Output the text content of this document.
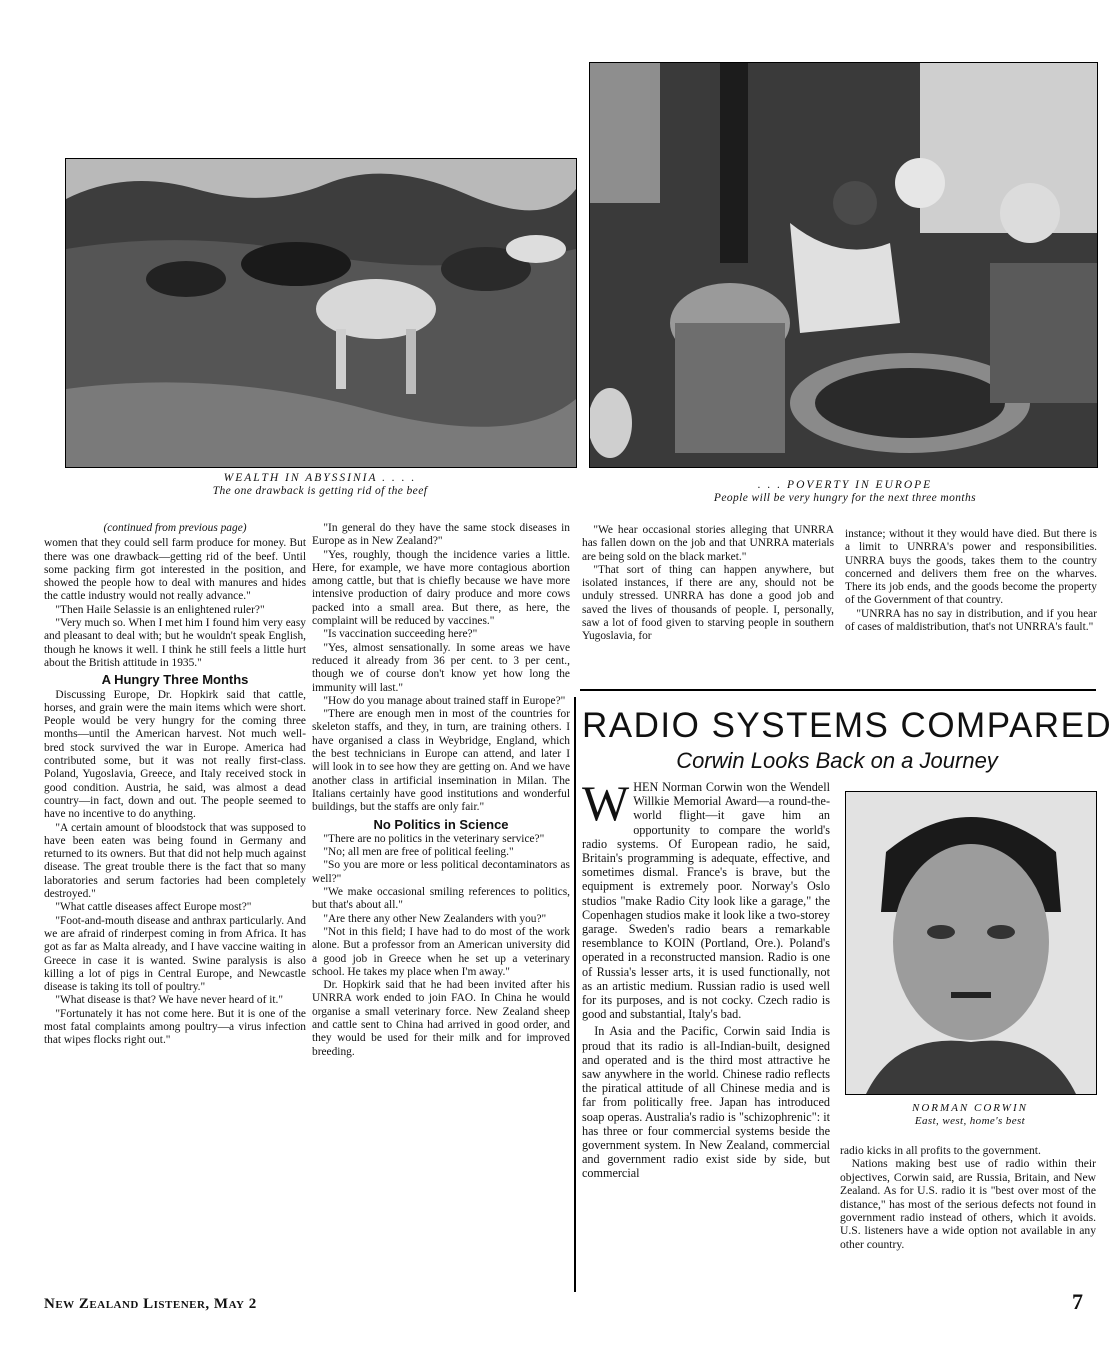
WEALTH IN ABYSSINIA . . . .
The one drawback is getting rid of the beef	. . . POVERTY IN EUROPE
People will be very hungry for the next three months
(continued from previous page)

women that they could sell farm produce for money. But there was one drawback—getting rid of the beef. Until some packing firm got interested in the position, and showed the people how to deal with manures and hides the cattle industry would not really advance."

"Then Haile Selassie is an enlightened ruler?"

"Very much so. When I met him I found him very easy and pleasant to deal with; but he wouldn't speak English, though he knows it well. I think he still feels a little hurt about the British attitude in 1935."

A Hungry Three Months

Discussing Europe, Dr. Hopkirk said that cattle, horses, and grain were the main items which were short. People would be very hungry for the coming three months—until the American harvest. Not much well-bred stock survived the war in Europe. America had contributed some, but it was not really first-class. Poland, Yugoslavia, Greece, and Italy received stock in good condition. Austria, he said, was almost a dead country—in fact, down and out. The people seemed to have no incentive to do anything.

"A certain amount of bloodstock that was supposed to have been eaten was being found in Germany and returned to its owners. But that did not help much against disease. The great trouble there is the fact that so many laboratories and serum factories had been completely destroyed."

"What cattle diseases affect Europe most?"

"Foot-and-mouth disease and anthrax particularly. And we are afraid of rinderpest coming in from Africa. It has got as far as Malta already, and I have vaccine waiting in Greece in case it is wanted. Swine paralysis is also killing a lot of pigs in Central Europe, and Newcastle disease is taking its toll of poultry."

"What disease is that? We have never heard of it."

"Fortunately it has not come here. But it is one of the most fatal complaints among poultry—a virus infection that wipes flocks right out."

"In general do they have the same stock diseases in Europe as in New Zealand?"

"Yes, roughly, though the incidence varies a little. Here, for example, we have more contagious abortion among cattle, but that is chiefly because we have more intensive production of dairy produce and more cows packed into a small area. But there, as here, the complaint will be reduced by vaccines."

"Is vaccination succeeding here?"

"Yes, almost sensationally. In some areas we have reduced it already from 36 per cent. to 3 per cent., though we of course don't know yet how long the immunity will last."

"How do you manage about trained staff in Europe?"

"There are enough men in most of the countries for skeleton staffs, and they, in turn, are training others. I have organised a class in Weybridge, England, which the best technicians in Europe can attend, and later I will look in to see how they are getting on. And we have another class in artificial insemination in Milan. The Italians certainly have good institutions and wonderful buildings, but the staffs are only fair."

No Politics in Science

"There are no politics in the veterinary service?"

"No; all men are free of political feeling."

"So you are more or less political decontaminators as well?"

"We make occasional smiling references to politics, but that's about all."

"Are there any other New Zealanders with you?"

"Not in this field; I have had to do most of the work alone. But a professor from an American university did a good job in Greece when he set up a veterinary school. He takes my place when I'm away."

Dr. Hopkirk said that he had been invited after his UNRRA work ended to join FAO. In China he would organise a small veterinary force. New Zealand sheep and cattle sent to China had arrived in good order, and they would be used for their milk and for improved breeding.

"We hear occasional stories alleging that UNRRA has fallen down on the job and that UNRRA materials are being sold on the black market."

"That sort of thing can happen anywhere, but isolated instances, if there are any, should not be unduly stressed. UNRRA has done a good job and saved the lives of thousands of people. I, personally, saw a lot of food given to starving people in southern Yugoslavia, for

instance; without it they would have died. But there is a limit to UNRRA's power and responsibilities. UNRRA buys the goods, takes them to the country concerned and delivers them free on the wharves. There its job ends, and the goods become the property of the Government of that country.

"UNRRA has no say in distribution, and if you hear of cases of maldistribution, that's not UNRRA's fault."

RADIO SYSTEMS COMPARED
Corwin Looks Back on a Journey

WHEN Norman Corwin won the Wendell Willkie Memorial Award—a round-the-world flight—it gave him an opportunity to compare the world's radio systems. Of European radio, he said, Britain's programming is adequate, effective, and sometimes dismal. France's is brave, but the equipment is extremely poor. Norway's Oslo studios "make Radio City look like a garage," the Copenhagen studios make it look like a two-storey garage. Sweden's radio bears a remarkable resemblance to KOIN (Portland, Ore.). Poland's operated in a reconstructed mansion. Radio is one of Russia's lesser arts, it is used functionally, not as an artistic medium. Russian radio is used well for its purposes, and is not cocky. Czech radio is good and substantial, Italy's bad.

In Asia and the Pacific, Corwin said India is proud that its radio is all-Indian-built, designed and operated and is the third most attractive he saw anywhere in the world. Chinese radio reflects the piratical attitude of all Chinese media and is far from politically free. Japan has introduced soap operas. Australia's radio is "schizophrenic": it has three or four commercial systems beside the government system. In New Zealand, commercial and government radio exist side by side, but commercial

NORMAN CORWIN
East, west, home's best

radio kicks in all profits to the government.

Nations making best use of radio within their objectives, Corwin said, are Russia, Britain, and New Zealand. As for U.S. radio it is "best over most of the distance," has most of the serious defects not found in government radio instead of others, which it avoids. U.S. listeners have a wide option not available in any other country.

New Zealand Listener, May 2	7
